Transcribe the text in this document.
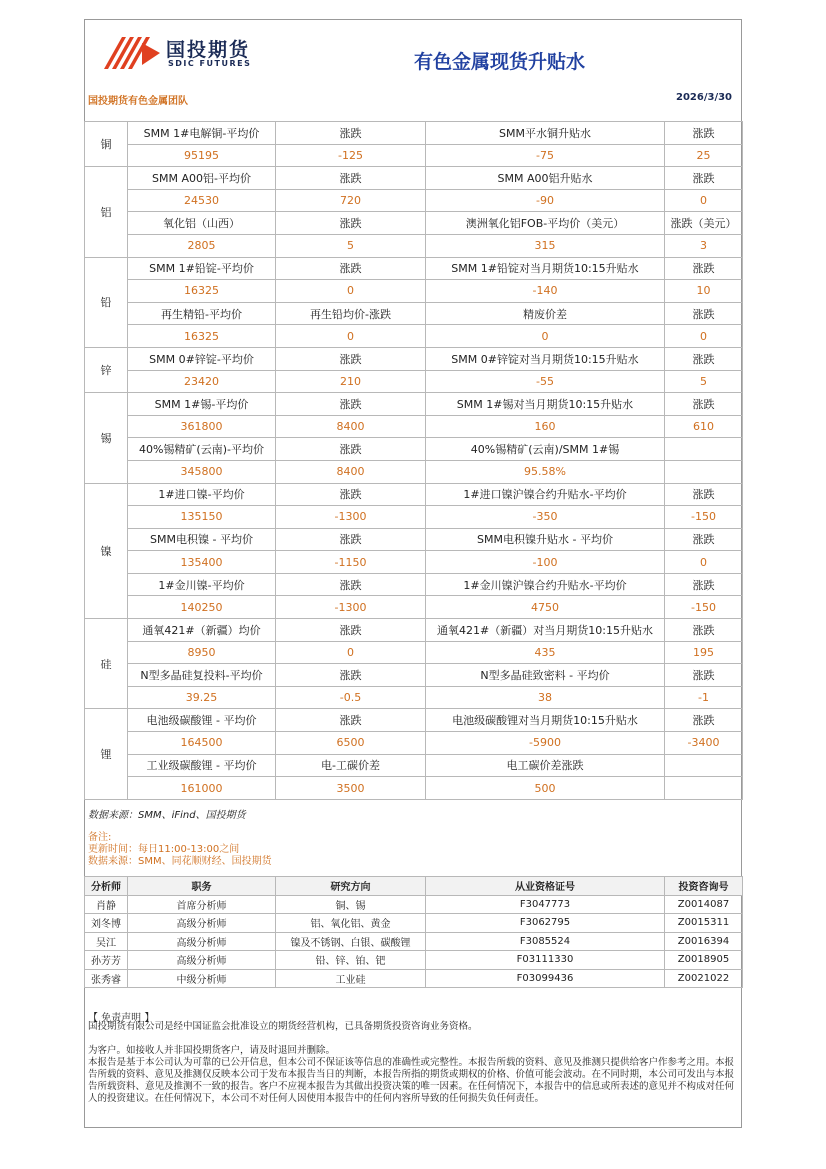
国投期货
SDIC FUTURES	有色金属现货升贴水
国投期货有色金属团队	2026/3/30
铜	SMM 1#电解铜-平均价	涨跌	SMM平水铜升贴水	涨跌
	95195	-125	-75	25
铝	SMM A00铝-平均价	涨跌	SMM A00铝升贴水	涨跌
	24530	720	-90	0
	氧化铝（山西）	涨跌	澳洲氧化铝FOB-平均价（美元）	涨跌（美元）
	2805	5	315	3
铅	SMM 1#铅锭-平均价	涨跌	SMM 1#铅锭对当月期货10:15升贴水	涨跌
	16325	0	-140	10
	再生精铅-平均价	再生铅均价-涨跌	精废价差	涨跌
	16325	0	0	0
锌	SMM 0#锌锭-平均价	涨跌	SMM 0#锌锭对当月期货10:15升贴水	涨跌
	23420	210	-55	5
锡	SMM 1#锡-平均价	涨跌	SMM 1#锡对当月期货10:15升贴水	涨跌
	361800	8400	160	610
	40%锡精矿(云南)-平均价	涨跌	40%锡精矿(云南)/SMM 1#锡	
	345800	8400	95.58%	
镍	1#进口镍-平均价	涨跌	1#进口镍沪镍合约升贴水-平均价	涨跌
	135150	-1300	-350	-150
	SMM电积镍 - 平均价	涨跌	SMM电积镍升贴水 - 平均价	涨跌
	135400	-1150	-100	0
	1#金川镍-平均价	涨跌	1#金川镍沪镍合约升贴水-平均价	涨跌
	140250	-1300	4750	-150
硅	通氧421#（新疆）均价	涨跌	通氧421#（新疆）对当月期货10:15升贴水	涨跌
	8950	0	435	195
	N型多晶硅复投料-平均价	涨跌	N型多晶硅致密料 - 平均价	涨跌
	39.25	-0.5	38	-1
锂	电池级碳酸锂 - 平均价	涨跌	电池级碳酸锂对当月期货10:15升贴水	涨跌
	164500	6500	-5900	-3400
	工业级碳酸锂 - 平均价	电-工碳价差	电工碳价差涨跌	
	161000	3500	500	
数据来源：SMM、iFind、国投期货
备注:
更新时间：每日11:00-13:00之间
数据来源：SMM、同花顺财经、国投期货
分析师	职务	研究方向	从业资格证号	投资咨询号
肖静	首席分析师	铜、锡	F3047773	Z0014087
刘冬博	高级分析师	铝、氧化铝、黄金	F3062795	Z0015311
吴江	高级分析师	镍及不锈钢、白银、碳酸锂	F3085524	Z0016394
孙芳芳	高级分析师	铅、锌、铂、钯	F03111330	Z0018905
张秀睿	中级分析师	工业硅	F03099436	Z0021022
【 免责声明 】

国投期货有限公司是经中国证监会批准设立的期货经营机构，已具备期货投资咨询业务资格。

为客户。如接收人并非国投期货客户，请及时退回并删除。

本报告是基于本公司认为可靠的已公开信息，但本公司不保证该等信息的准确性或完整性。本报告所载的资料、意见及推测只提供给客户作参考之用。本报告所载的资料、意见及推测仅反映本公司于发布本报告当日的判断，本报告所指的期货或期权的价格、价值可能会波动。在不同时期，本公司可发出与本报告所载资料、意见及推测不一致的报告。客户不应视本报告为其做出投资决策的唯一因素。在任何情况下，本报告中的信息或所表述的意见并不构成对任何人的投资建议。在任何情况下，本公司不对任何人因使用本报告中的任何内容所导致的任何损失负任何责任。
